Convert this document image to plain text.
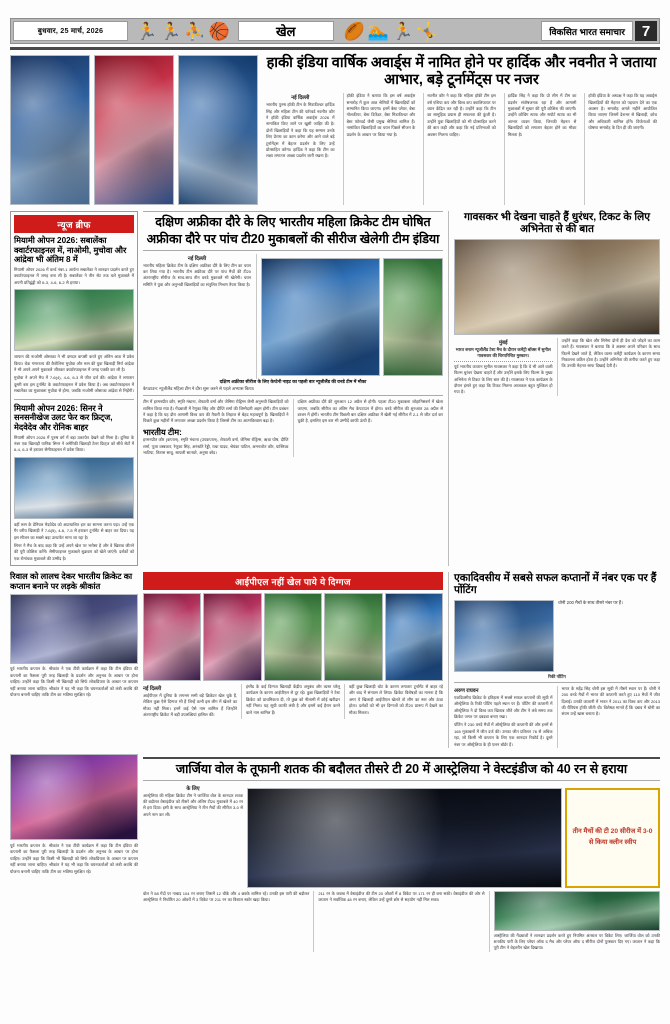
बुधवार, 25 मार्च, 2026	🏃 🏃 ⛹ 🏀	खेल	🏉 🏊 🏃 🤸	विकसित भारत समाचार	7
हाकी इंडिया वार्षिक अवार्ड्स में नामित होने पर हार्दिक और नवनीत ने जताया आभार, बड़े टूर्नामेंट्स पर नजर
नई दिल्ली
भारतीय पुरुष हॉकी टीम के मिडफील्डर हार्दिक सिंह और महिला टीम की फॉरवर्ड नवनीत कौर ने हॉकी इंडिया वार्षिक अवार्ड्स 2026 में नामांकित किए जाने पर खुशी जाहिर की है। दोनों खिलाड़ियों ने कहा कि यह सम्मान उनके लिए प्रेरणा का काम करेगा और आने वाले बड़े टूर्नामेंट्स में बेहतर प्रदर्शन के लिए उन्हें प्रोत्साहित करेगा। हार्दिक ने कहा कि टीम का लक्ष्य लगातार अच्छा प्रदर्शन जारी रखना है।
हॉकी इंडिया ने बताया कि इस वर्ष अवार्ड्स समारोह में कुल आठ श्रेणियों में खिलाड़ियों को सम्मानित किया जाएगा। इनमें बेस्ट प्लेयर, बेस्ट गोलकीपर, बेस्ट डिफेंडर, बेस्ट मिडफील्डर और बेस्ट फॉरवर्ड जैसी प्रमुख श्रेणियां शामिल हैं। नामांकित खिलाड़ियों का चयन पिछले सीजन के प्रदर्शन के आधार पर किया गया है।
नवनीत कौर ने कहा कि महिला हॉकी टीम इस वर्ष एशिया कप और विश्व कप क्वालिफायर पर ध्यान केंद्रित कर रही है। उन्होंने कहा कि टीम का सामूहिक प्रयास ही सफलता की कुंजी है। उन्होंने युवा खिलाड़ियों को भी प्रोत्साहित करने की बात कही और कहा कि नई प्रतिभाओं को अवसर मिलना चाहिए।
हार्दिक सिंह ने कहा कि प्रो लीग में टीम का प्रदर्शन संतोषजनक रहा है और आगामी मुकाबलों में सुधार की पूरी कोशिश की जाएगी। उन्होंने कोचिंग स्टाफ और सपोर्ट स्टाफ का भी आभार व्यक्त किया, जिनकी मेहनत से खिलाड़ियों को लगातार बेहतर होने का मौका मिलता है।
हॉकी इंडिया के अध्यक्ष ने कहा कि यह अवार्ड्स खिलाड़ियों की मेहनत को पहचान देने का एक अवसर है। समारोह अगले महीने आयोजित किया जाएगा जिसमें देशभर से खिलाड़ी, कोच और अधिकारी शामिल होंगे। विजेताओं की घोषणा समारोह के दिन ही की जाएगी।
न्यूज ब्रीफ
मियामी ओपन 2026: सबालेंका क्वार्टरफाइनल में, नाओमी, मुचोवा और आंद्रेवा भी अंतिम 8 में
मियामी ओपन 2026 में वर्ल्ड नंबर-1 आर्यना सबालेंका ने शानदार प्रदर्शन करते हुए क्वार्टरफाइनल में जगह बना ली है। सबालेंका ने तीन सेट तक चले मुकाबले में अपनी प्रतिद्वंद्वी को 6-3, 4-6, 6-2 से हराया।
जापान की नाओमी ओसाका ने भी दमदार वापसी करते हुए अंतिम आठ में प्रवेश किया। चेक गणराज्य की कैरोलिना मुचोवा और रूस की युवा खिलाड़ी मिर्रा आंद्रेवा ने भी अपने-अपने मुकाबले जीतकर क्वार्टरफाइनल में जगह पक्की कर ली है।
मुचोवा ने अपने मैच में 7-6(4), 4-6, 6-3 से जीत दर्ज की। आंद्रेवा ने लगातार दूसरी बार इस टूर्नामेंट के क्वार्टरफाइनल में प्रवेश किया है। अब क्वार्टरफाइनल में सबालेंका का मुकाबला मुचोवा से होगा, जबकि नाओमी ओसाका आंद्रेवा से भिड़ेंगी।
मियामी ओपन 2026: सिनर ने सनसनीखेज उलट फेर कर फ्रिट्ज, मेदवेदेव और रोनिक बाहर
मियामी ओपन 2026 में पुरुष वर्ग में बड़ा उलटफेर देखने को मिला है। दुनिया के नंबर एक खिलाड़ी यानिक सिनर ने अमेरिकी खिलाड़ी टेलर फ्रिट्ज को सीधे सेटों में 6-4, 6-3 से हराकर सेमीफाइनल में प्रवेश किया।
वहीं रूस के डेनियल मेदवेदेव को अप्रत्याशित हार का सामना करना पड़ा। उन्हें एक गैर वरीय खिलाड़ी ने 7-6(5), 4-6, 7-5 से हराकर टूर्नामेंट से बाहर कर दिया। यह इस सीजन का सबसे बड़ा उलटफेर माना जा रहा है।
सिनर ने मैच के बाद कहा कि उन्हें अपने खेल पर भरोसा है और वे खिताब जीतने की पूरी कोशिश करेंगे। सेमीफाइनल मुकाबले शुक्रवार को खेले जाएंगे। दर्शकों को एक रोमांचक मुकाबले की उम्मीद है।
दक्षिण अफ्रीका दौरे के लिए भारतीय महिला क्रिकेट टीम घोषित
अफ्रीका दौरे पर पांच टी20 मुकाबलों की सीरीज खेलेगी टीम इंडिया
नई दिल्ली
भारतीय महिला क्रिकेट टीम के दक्षिण अफ्रीका दौरे के लिए टीम का चयन कर लिया गया है। भारतीय टीम अफ्रीका दौरे पर पांच मैचों की टी20 अंतरराष्ट्रीय सीरीज के साथ-साथ तीन वनडे मुकाबले भी खेलेगी। चयन समिति ने युवा और अनुभवी खिलाड़ियों का संतुलित मिश्रण तैयार किया है।
दक्षिण अफ्रीका सीरीज के लिए केप्टेनी नाइट का पहली बार न्यूजीलैंड की वनडे टीम में मौका
केपटाउन: न्यूजीलैंड महिला टीम ने दौरा शुरू करने से पहले अभ्यास किया।
टीम में हरमनप्रीत कौर, स्मृति मंधाना, शेफाली वर्मा और जेमिमा रोड्रिग्स जैसी अनुभवी खिलाड़ियों को शामिल किया गया है। गेंदबाजी में रेणुका सिंह और दीप्ति शर्मा की जिम्मेदारी अहम होगी। टीम प्रबंधन ने कहा है कि यह दौरा आगामी विश्व कप की तैयारी के लिहाज से बेहद महत्वपूर्ण है। खिलाड़ियों ने पिछले कुछ महीनों में लगातार अच्छा प्रदर्शन किया है जिससे टीम का आत्मविश्वास बढ़ा है।
भारतीय टीम:
हरमनप्रीत कौर (कप्तान), स्मृति मंधाना (उपकप्तान), शेफाली वर्मा, जेमिमा रोड्रिग्स, ऋचा घोष, दीप्ति शर्मा, पूजा वस्त्रकार, रेणुका सिंह, अरुंधति रेड्डी, राधा यादव, श्रेयंका पाटिल, अमनजोत कौर, यास्तिका भाटिया, तितास साधु, सायली सातघरे, अनुषा बरेड।
दक्षिण अफ्रीका दौरे की शुरुआत 12 अप्रैल से होगी। पहला टी20 मुकाबला जोहानिसबर्ग में खेला जाएगा, जबकि सीरीज का अंतिम मैच केपटाउन में होगा। वनडे सीरीज की शुरुआत 28 अप्रैल से डरबन में होगी। भारतीय टीम पिछली बार दक्षिण अफ्रीका में खेली गई सीरीज में 2-1 से जीत दर्ज कर चुकी है, इसलिए इस बार भी उम्मीदें काफी ऊंची हैं।
गावसकर भी देखना चाहते हैं धुरंधर, टिकट के लिए अभिनेता से की बात
मुंबई
भारत बनाम न्यूजीलैंड टेस्ट मैच के दौरान कमेंट्री बॉक्स में सुनील गावसकर की चिरपरिचित मुस्कान।
पूर्व भारतीय कप्तान सुनील गावसकर ने कहा है कि वे भी आने वाली फिल्म धुरंधर देखना चाहते हैं और उन्होंने इसके लिए फिल्म के मुख्य अभिनेता से टिकट के लिए बात की है। गावसकर ने एक कार्यक्रम के दौरान हंसते हुए कहा कि टिकट मिलना आजकल बहुत मुश्किल हो गया है।
उन्होंने कहा कि खेल और सिनेमा दोनों ही देश को जोड़ने का काम करते हैं। गावसकर ने बताया कि वे अक्सर अपने परिवार के साथ फिल्में देखने जाते हैं, लेकिन व्यस्त कमेंट्री कार्यक्रम के कारण समय निकालना कठिन होता है। उन्होंने अभिनेता की तारीफ करते हुए कहा कि उनकी मेहनत साफ दिखाई देती है।
रिवाल को लालच देकर भारतीय क्रिकेट का कप्तान बनाने पर लड़के श्रीकांत
पूर्व भारतीय कप्तान के. श्रीकांत ने एक टीवी कार्यक्रम में कहा कि टीम इंडिया की कप्तानी का फैसला पूरी तरह खिलाड़ी के प्रदर्शन और अनुभव के आधार पर होना चाहिए। उन्होंने कहा कि किसी भी खिलाड़ी को सिर्फ लोकप्रियता के आधार पर कप्तान नहीं बनाया जाना चाहिए। श्रीकांत ने यह भी कहा कि चयनकर्ताओं को लंबी अवधि की योजना बनानी चाहिए ताकि टीम का भविष्य सुरक्षित रहे।
आईपीएल नहीं खेल पाये ये दिग्गज
नई दिल्ली
आईपीएल में दुनिया के लगभग सभी बड़े क्रिकेटर खेल चुके हैं, लेकिन कुछ ऐसे दिग्गज भी हैं जिन्हें कभी इस लीग में खेलने का मौका नहीं मिला। इनमें कई ऐसे नाम शामिल हैं जिन्होंने अंतरराष्ट्रीय क्रिकेट में बड़ी उपलब्धियां हासिल कीं।
इंग्लैंड के कई दिग्गज खिलाड़ी केंद्रीय अनुबंध और व्यस्त घरेलू कार्यक्रम के कारण आईपीएल से दूर रहे। कुछ खिलाड़ियों ने टेस्ट क्रिकेट को प्राथमिकता दी, तो कुछ को नीलामी में कोई खरीदार नहीं मिला। यह सूची काफी लंबी है और इसमें कई हैरान करने वाले नाम शामिल हैं।
वहीं कुछ खिलाड़ी चोट के कारण लगातार टूर्नामेंट से बाहर रहे और बाद में संन्यास ले लिया। क्रिकेट विशेषज्ञों का मानना है कि अगर ये खिलाड़ी आईपीएल खेलते तो लीग का स्तर और ऊंचा होता। दर्शकों को भी इन दिग्गजों को टी20 प्रारूप में देखने का मौका मिलता।
एकादिवसीय में सबसे सफल कप्तानों में नंबर एक पर हैं पोंटिंग
धोनी 200 मैचों के साथ तीसरे नंबर पर हैं।
रिकी पोंटिंग
अरुण राघवन
एकदिवसीय क्रिकेट के इतिहास में सबसे सफल कप्तानों की सूची में ऑस्ट्रेलिया के रिकी पोंटिंग पहले स्थान पर हैं। पोंटिंग की कप्तानी में ऑस्ट्रेलिया ने दो विश्व कप खिताब जीते और टीम ने लंबे समय तक क्रिकेट जगत पर दबदबा बनाए रखा।
पोंटिंग ने 230 वनडे मैचों में ऑस्ट्रेलिया की कप्तानी की और इनमें से 165 मुकाबलों में जीत दर्ज की। उनका जीत प्रतिशत 76 से अधिक रहा, जो किसी भी कप्तान के लिए एक शानदार रिकॉर्ड है। दूसरे नंबर पर ऑस्ट्रेलिया के ही एलन बॉर्डर हैं।
भारत के महेंद्र सिंह धोनी इस सूची में तीसरे स्थान पर हैं। धोनी ने 200 वनडे मैचों में भारत की कप्तानी करते हुए 110 मैचों में जीत दिलाई। उनकी कप्तानी में भारत ने 2011 का विश्व कप और 2013 की चैंपियंस ट्रॉफी जीती थी। विशेषज्ञ मानते हैं कि दबाव में धोनी का संयम उन्हें खास बनाता है।
पूर्व भारतीय कप्तान के. श्रीकांत ने एक टीवी कार्यक्रम में कहा कि टीम इंडिया की कप्तानी का फैसला पूरी तरह खिलाड़ी के प्रदर्शन और अनुभव के आधार पर होना चाहिए। उन्होंने कहा कि किसी भी खिलाड़ी को सिर्फ लोकप्रियता के आधार पर कप्तान नहीं बनाया जाना चाहिए। श्रीकांत ने यह भी कहा कि चयनकर्ताओं को लंबी अवधि की योजना बनानी चाहिए ताकि टीम का भविष्य सुरक्षित रहे।
जार्जिया वोल के तूफानी शतक की बदौलत तीसरे टी 20 में आस्ट्रेलिया ने वेस्टइंडीज को 40 रन से हराया
के लिए
आस्ट्रेलिया की महिला क्रिकेट टीम ने जार्जिया वोल के शानदार शतक की बदौलत वेस्टइंडीज को तीसरे और अंतिम टी20 मुकाबले में 40 रन से हरा दिया। इसी के साथ आस्ट्रेलिया ने तीन मैचों की सीरीज 3-0 से अपने नाम कर ली।
तीन मैचों की टी 20 सीरीज में 3-0 से किया क्लीन स्वीप
वोल ने 58 गेंदों पर नाबाद 104 रन बनाए जिसमें 12 चौके और 4 छक्के शामिल रहे। उनकी इस पारी की बदौलत आस्ट्रेलिया ने निर्धारित 20 ओवरों में 3 विकेट पर 211 रन का विशाल स्कोर खड़ा किया।
211 रन के जवाब में वेस्टइंडीज की टीम 20 ओवरों में 8 विकेट पर 171 रन ही बना सकी। वेस्टइंडीज की ओर से कप्तान ने सर्वाधिक 48 रन बनाए, लेकिन उन्हें दूसरे छोर से सहयोग नहीं मिल सका।
आस्ट्रेलिया की गेंदबाजों ने शानदार प्रदर्शन करते हुए नियमित अंतराल पर विकेट लिए। जार्जिया वोल को उनकी शतकीय पारी के लिए प्लेयर ऑफ द मैच और प्लेयर ऑफ द सीरीज दोनों पुरस्कार दिए गए। कप्तान ने कहा कि पूरी टीम ने बेहतरीन खेल दिखाया।
